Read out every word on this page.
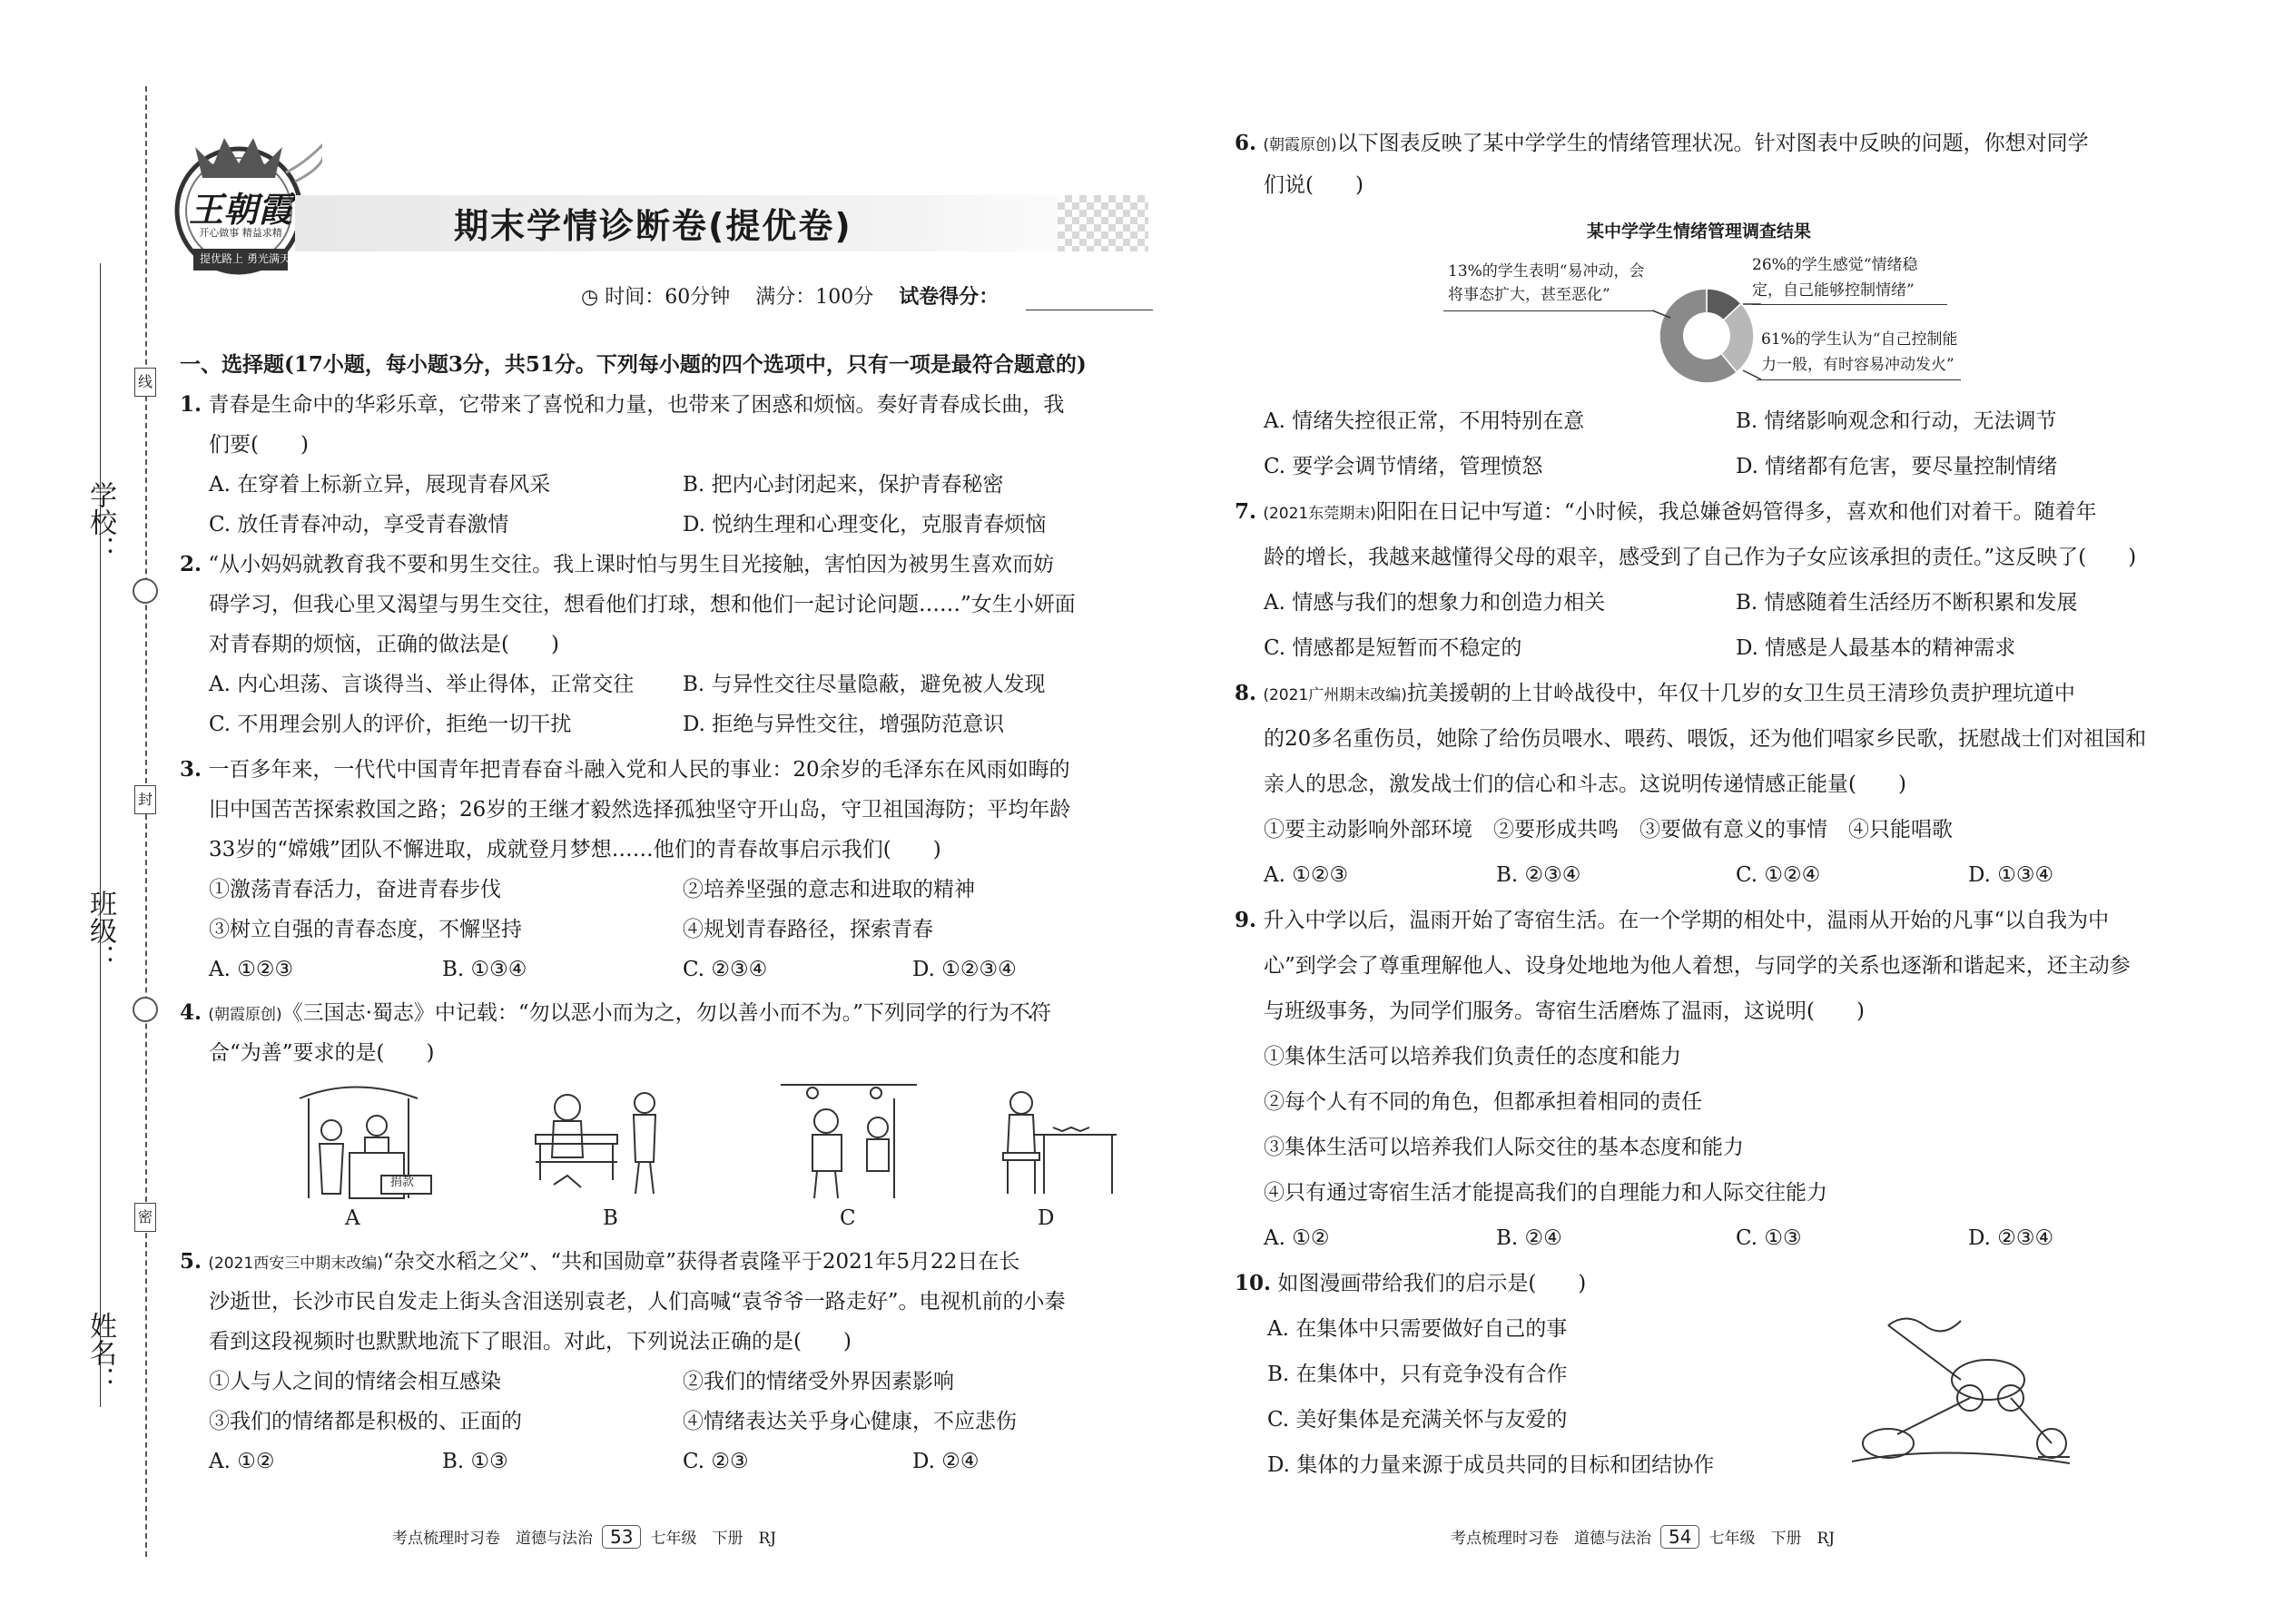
线
封
密
学校：
班级：
姓名：
王朝霞
开心做事 精益求精
提优路上 勇光满天
期末学情诊断卷(提优卷)
◷ 时间：60分钟 满分：100分 试卷得分：
一、选择题(17小题，每小题3分，共51分。下列每小题的四个选项中，只有一项是最符合题意的)
1. 青春是生命中的华彩乐章，它带来了喜悦和力量，也带来了困惑和烦恼。奏好青春成长曲，我
们要(　　)
A. 在穿着上标新立异，展现青春风采	B. 把内心封闭起来，保护青春秘密
C. 放任青春冲动，享受青春激情	D. 悦纳生理和心理变化，克服青春烦恼
2. “从小妈妈就教育我不要和男生交往。我上课时怕与男生目光接触，害怕因为被男生喜欢而妨
碍学习，但我心里又渴望与男生交往，想看他们打球，想和他们一起讨论问题……”女生小妍面
对青春期的烦恼，正确的做法是(　　)
A. 内心坦荡、言谈得当、举止得体，正常交往 B. 与异性交往尽量隐蔽，避免被人发现
C. 不用理会别人的评价，拒绝一切干扰	D. 拒绝与异性交往，增强防范意识
3. 一百多年来，一代代中国青年把青春奋斗融入党和人民的事业：20余岁的毛泽东在风雨如晦的
旧中国苦苦探索救国之路；26岁的王继才毅然选择孤独坚守开山岛，守卫祖国海防；平均年龄
33岁的“嫦娥”团队不懈进取，成就登月梦想……他们的青春故事启示我们(　　)
①激荡青春活力，奋进青春步伐	②培养坚强的意志和进取的精神
③树立自强的青春态度，不懈坚持	④规划青春路径，探索青春
A. ①②③	B. ①③④	C. ②③④	D. ①②③④
4. (朝霞原创)《三国志·蜀志》中记载：“勿以恶小而为之，勿以善小而不为。”下列同学的行为不符 •
合 •“为善”要求的是(　　)
捐款
A	B	C	D
5. (2021西安三中期末改编)“杂交水稻之父”、“共和国勋章”获得者袁隆平于2021年5月22日在长
沙逝世，长沙市民自发走上街头含泪送别袁老，人们高喊“袁爷爷一路走好”。电视机前的小秦
看到这段视频时也默默地流下了眼泪。对此，下列说法正确的是(　　)
①人与人之间的情绪会相互感染	②我们的情绪受外界因素影响
③我们的情绪都是积极的、正面的	④情绪表达关乎身心健康，不应悲伤
A. ①②	B. ①③	C. ②③	D. ②④
考点梳理时习卷　道德与法治 53 七年级　下册　RJ
6. (朝霞原创)以下图表反映了某中学学生的情绪管理状况。针对图表中反映的问题，你想对同学
们说(　　)
某中学学生情绪管理调查结果
13%的学生表明“易冲动，会
将事态扩大，甚至恶化”
26%的学生感觉“情绪稳
定，自己能够控制情绪”
61%的学生认为“自己控制能
力一般，有时容易冲动发火”
A. 情绪失控很正常，不用特别在意	B. 情绪影响观念和行动，无法调节
C. 要学会调节情绪，管理愤怒	D. 情绪都有危害，要尽量控制情绪
7. (2021东莞期末)阳阳在日记中写道：“小时候，我总嫌爸妈管得多，喜欢和他们对着干。随着年
龄的增长，我越来越懂得父母的艰辛，感受到了自己作为子女应该承担的责任。”这反映了(　　)
A. 情感与我们的想象力和创造力相关	B. 情感随着生活经历不断积累和发展
C. 情感都是短暂而不稳定的	D. 情感是人最基本的精神需求
8. (2021广州期末改编)抗美援朝的上甘岭战役中，年仅十几岁的女卫生员王清珍负责护理坑道中
的20多名重伤员，她除了给伤员喂水、喂药、喂饭，还为他们唱家乡民歌，抚慰战士们对祖国和
亲人的思念，激发战士们的信心和斗志。这说明传递情感正能量(　　)
①要主动影响外部环境　②要形成共鸣　③要做有意义的事情　④只能唱歌
A. ①②③	B. ②③④	C. ①②④	D. ①③④
9. 升入中学以后，温雨开始了寄宿生活。在一个学期的相处中，温雨从开始的凡事“以自我为中
心”到学会了尊重理解他人、设身处地地为他人着想，与同学的关系也逐渐和谐起来，还主动参
与班级事务，为同学们服务。寄宿生活磨炼了温雨，这说明(　　)
①集体生活可以培养我们负责任的态度和能力
②每个人有不同的角色，但都承担着相同的责任
③集体生活可以培养我们人际交往的基本态度和能力
④只有通过寄宿生活才能提高我们的自理能力和人际交往能力
A. ①②	B. ②④	C. ①③	D. ②③④
10. 如图漫画带给我们的启示是(　　)
A. 在集体中只需要做好自己的事
B. 在集体中，只有竞争没有合作
C. 美好集体是充满关怀与友爱的
D. 集体的力量来源于成员共同的目标和团结协作
考点梳理时习卷　道德与法治 54 七年级　下册　RJ
